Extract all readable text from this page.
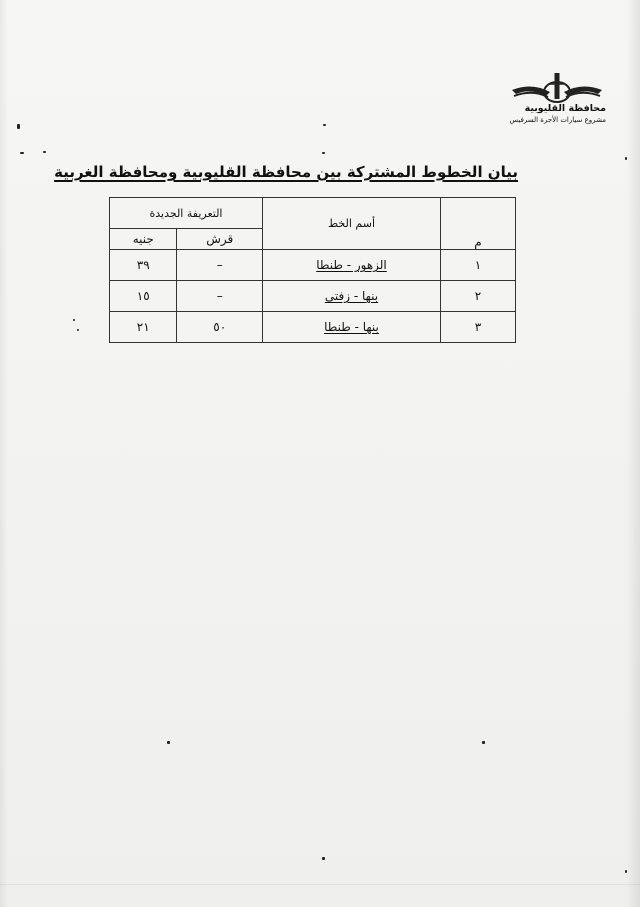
محافظة القليوبية
مشروع سيارات الأجرة السرفيس
بيان الخطوط المشتركة بين محافظة القليوبية ومحافظة الغربية
م	أسم الخط	التعريفة الجديدة	
		قرش	جنيه
١	الزهور - طنطا	–	٣٩
٢	بنها - زفتى	–	١٥
٣	بنها - طنطا	٥٠	٢١
